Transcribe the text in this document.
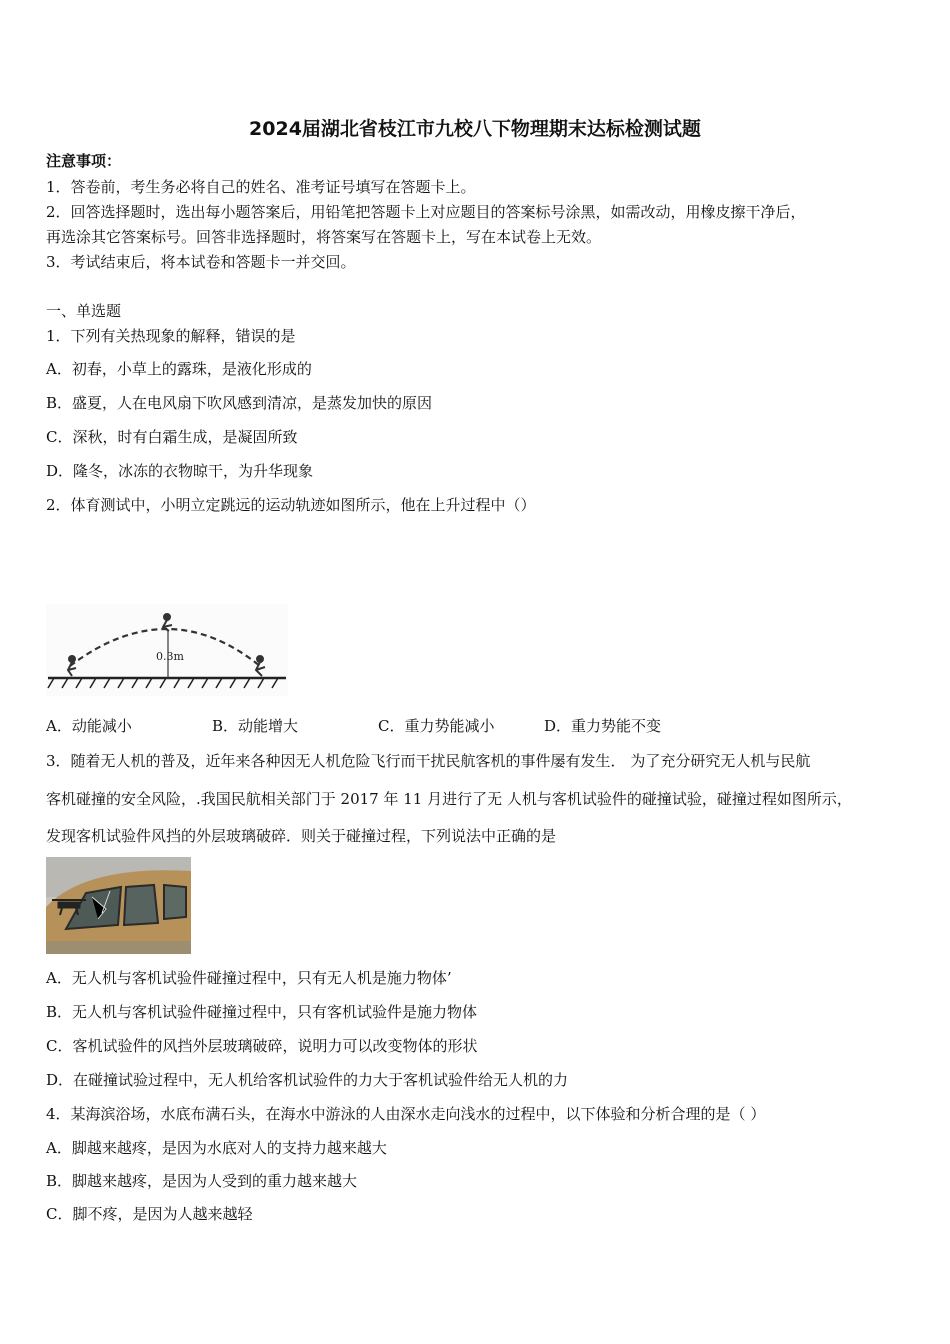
2024届湖北省枝江市九校八下物理期末达标检测试题
注意事项：
1．答卷前，考生务必将自己的姓名、准考证号填写在答题卡上。
2．回答选择题时，选出每小题答案后，用铅笔把答题卡上对应题目的答案标号涂黑，如需改动，用橡皮擦干净后，
再选涂其它答案标号。回答非选择题时，将答案写在答题卡上，写在本试卷上无效。
3．考试结束后，将本试卷和答题卡一并交回。
一、单选题
1．下列有关热现象的解释，错误的是
A．初春，小草上的露珠，是液化形成的
B．盛夏，人在电风扇下吹风感到清凉，是蒸发加快的原因
C．深秋，时有白霜生成，是凝固所致
D．隆冬，冰冻的衣物晾干，为升华现象
2．体育测试中，小明立定跳远的运动轨迹如图所示，他在上升过程中（）
0.3m
A．动能减小	B．动能增大	C．重力势能减小	D．重力势能不变
3．随着无人机的普及，近年来各种因无人机危险飞行而干扰民航客机的事件屡有发生． 为了充分研究无人机与民航
客机碰撞的安全风险，.我国民航相关部门于 2017 年 11 月进行了无 人机与客机试验件的碰撞试验，碰撞过程如图所示，
发现客机试验件风挡的外层玻璃破碎．则关于碰撞过程，下列说法中正确的是
A．无人机与客机试验件碰撞过程中，只有无人机是施力物体’
B．无人机与客机试验件碰撞过程中，只有客机试验件是施力物体
C．客机试验件的风挡外层玻璃破碎，说明力可以改变物体的形状
D．在碰撞试验过程中，无人机给客机试验件的力大于客机试验件给无人机的力
4．某海滨浴场，水底布满石头，在海水中游泳的人由深水走向浅水的过程中，以下体验和分析合理的是（ ）
A．脚越来越疼，是因为水底对人的支持力越来越大
B．脚越来越疼，是因为人受到的重力越来越大
C．脚不疼，是因为人越来越轻
